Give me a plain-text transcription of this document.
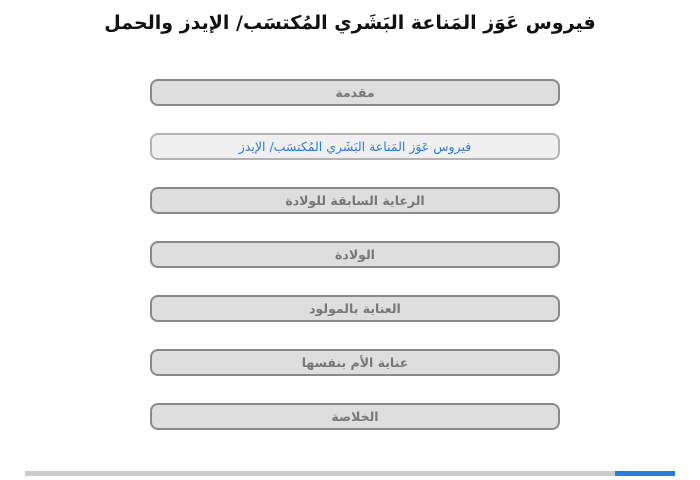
فيروس عَوَز المَناعة البَشَري المُكتسَب/ الإيدز والحمل
مقدمة
فيروس عَوَز المَناعة البَشَري المُكتسَب/ الإيدز
الرعاية السابقة للولادة
الولادة
العناية بالمولود
عناية الأم بنفسها
الخلاصة
